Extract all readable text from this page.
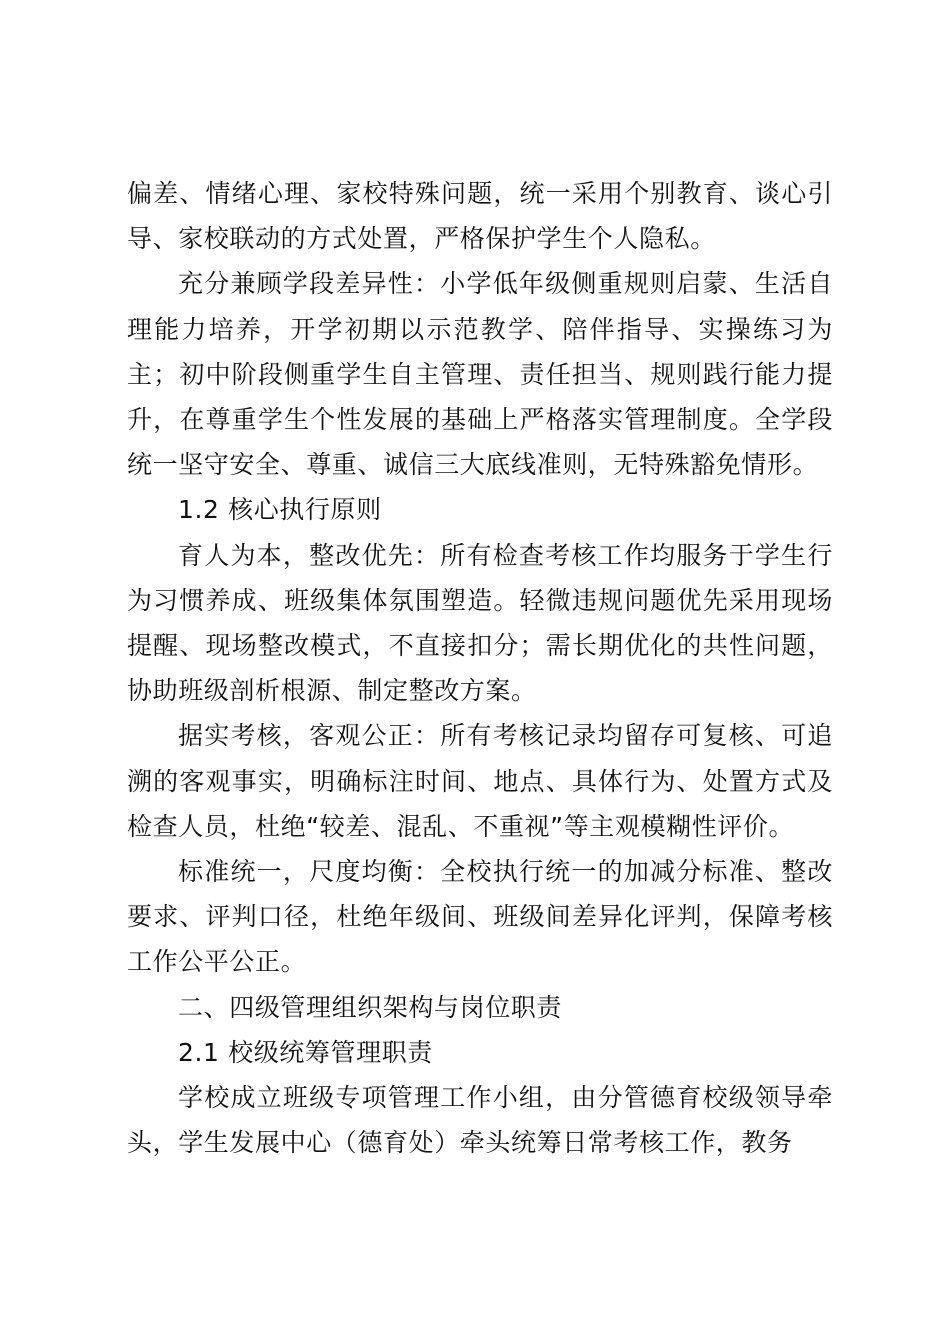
偏差、情绪心理、家校特殊问题，统一采用个别教育、谈心引导、家校联动的方式处置，严格保护学生个人隐私。

充分兼顾学段差异性：小学低年级侧重规则启蒙、生活自理能力培养，开学初期以示范教学、陪伴指导、实操练习为主；初中阶段侧重学生自主管理、责任担当、规则践行能力提升，在尊重学生个性发展的基础上严格落实管理制度。全学段统一坚守安全、尊重、诚信三大底线准则，无特殊豁免情形。

1.2 核心执行原则

育人为本，整改优先：所有检查考核工作均服务于学生行为习惯养成、班级集体氛围塑造。轻微违规问题优先采用现场提醒、现场整改模式，不直接扣分；需长期优化的共性问题，协助班级剖析根源、制定整改方案。

据实考核，客观公正：所有考核记录均留存可复核、可追溯的客观事实，明确标注时间、地点、具体行为、处置方式及检查人员，杜绝“较差、混乱、不重视”等主观模糊性评价。

标准统一，尺度均衡：全校执行统一的加减分标准、整改要求、评判口径，杜绝年级间、班级间差异化评判，保障考核工作公平公正。

二、四级管理组织架构与岗位职责

2.1 校级统筹管理职责

学校成立班级专项管理工作小组，由分管德育校级领导牵头，学生发展中心（德育处）牵头统筹日常考核工作，教务
